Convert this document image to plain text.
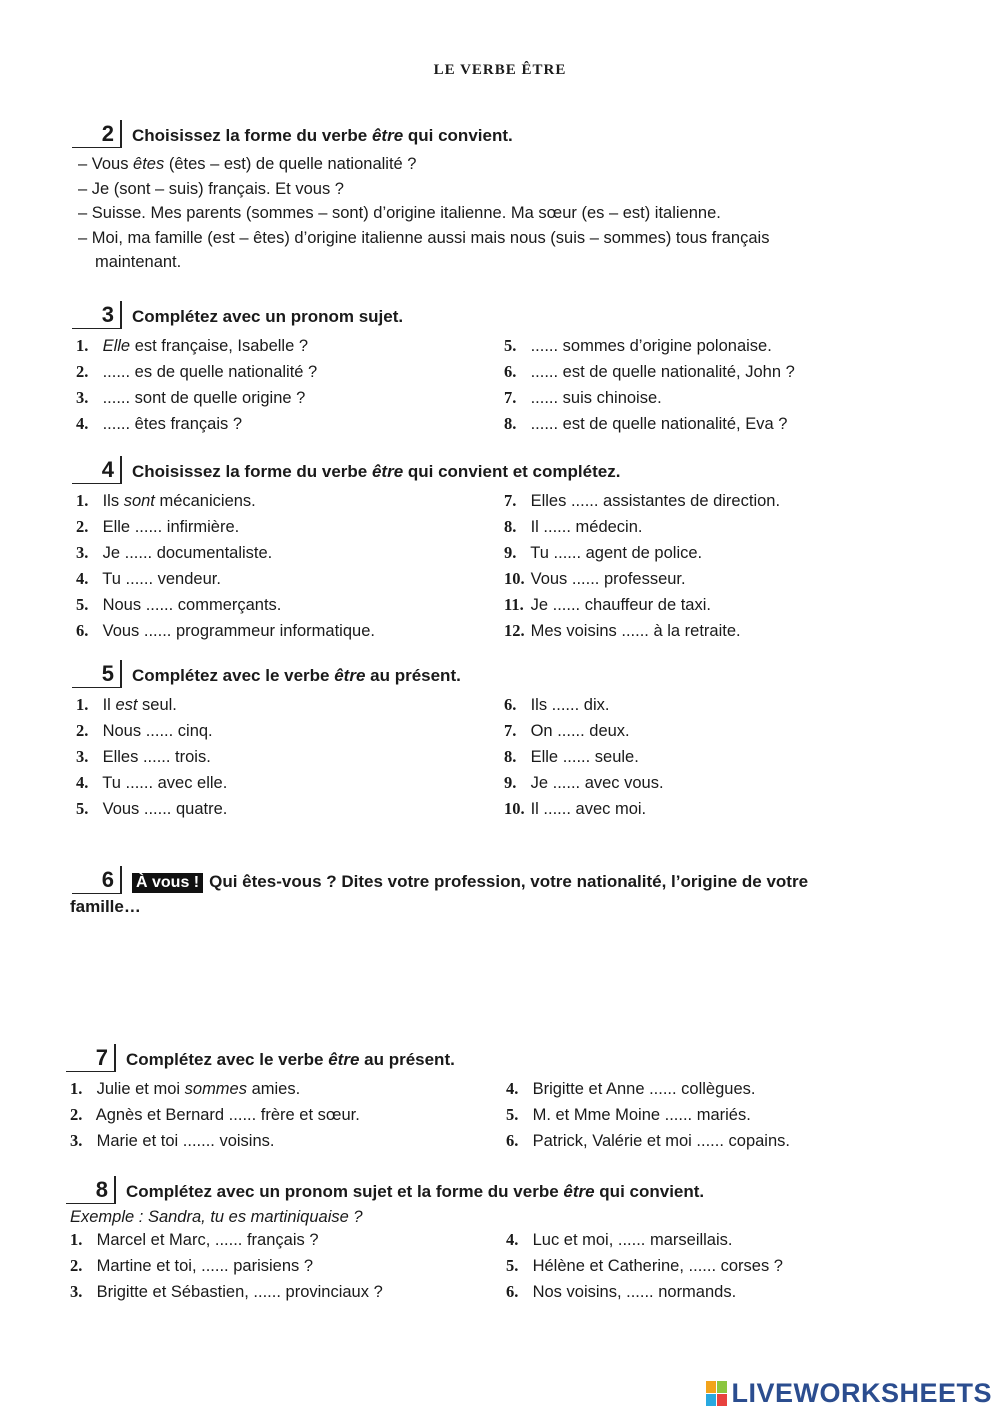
LE VERBE ÊTRE
2	Choisissez la forme du verbe être qui convient.
– Vous êtes (êtes – est) de quelle nationalité ?
– Je (sont – suis) français. Et vous ?
– Suisse. Mes parents (sommes – sont) d’origine italienne. Ma sœur (es – est) italienne.
– Moi, ma famille (est – êtes) d’origine italienne aussi mais nous (suis – sommes) tous français
maintenant.
3	Complétez avec un pronom sujet.
1. Elle est française, Isabelle ?
2. ...... es de quelle nationalité ?
3. ...... sont de quelle origine ?
4. ...... êtes français ?
5. ...... sommes d’origine polonaise.
6. ...... est de quelle nationalité, John ?
7. ...... suis chinoise.
8. ...... est de quelle nationalité, Eva ?
4	Choisissez la forme du verbe être qui convient et complétez.
1. Ils sont mécaniciens.
2. Elle ...... infirmière.
3. Je ...... documentaliste.
4. Tu ...... vendeur.
5. Nous ...... commerçants.
6. Vous ...... programmeur informatique.
7. Elles ...... assistantes de direction.
8. Il ...... médecin.
9. Tu ...... agent de police.
10. Vous ...... professeur.
11. Je ...... chauffeur de taxi.
12. Mes voisins ...... à la retraite.
5	Complétez avec le verbe être au présent.
1. Il est seul.
2. Nous ...... cinq.
3. Elles ...... trois.
4. Tu ...... avec elle.
5. Vous ...... quatre.
6. Ils ...... dix.
7. On ...... deux.
8. Elle ...... seule.
9. Je ...... avec vous.
10. Il ...... avec moi.
6	À vous ! Qui êtes-vous ? Dites votre profession, votre nationalité, l’origine de votre
famille…
7	Complétez avec le verbe être au présent.
1. Julie et moi sommes amies.
2. Agnès et Bernard ...... frère et sœur.
3. Marie et toi ....... voisins.
4. Brigitte et Anne ...... collègues.
5. M. et Mme Moine ...... mariés.
6. Patrick, Valérie et moi ...... copains.
8	Complétez avec un pronom sujet et la forme du verbe être qui convient.
Exemple : Sandra, tu es martiniquaise ?
1. Marcel et Marc, ...... français ?
2. Martine et toi, ...... parisiens ?
3. Brigitte et Sébastien, ...... provinciaux ?
4. Luc et moi, ...... marseillais.
5. Hélène et Catherine, ...... corses ?
6. Nos voisins, ...... normands.
LIVEWORKSHEETS
